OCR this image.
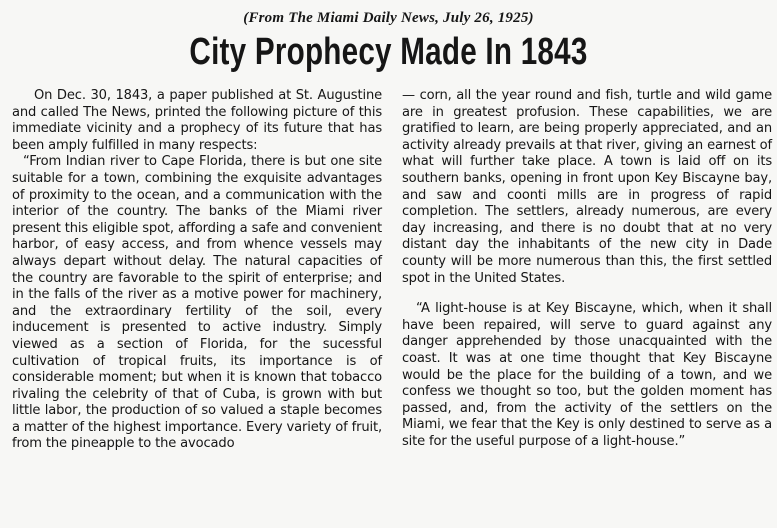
(From The Miami Daily News, July 26, 1925)

City Prophecy Made In 1843

On Dec. 30, 1843, a paper published at St. Augustine and called The News, printed the following picture of this immediate vicinity and a prophecy of its future that has been amply fulfilled in many respects:

“From Indian river to Cape Florida, there is but one site suitable for a town, combining the exquisite advantages of proximity to the ocean, and a communication with the interior of the country. The banks of the Miami river present this eligible spot, affording a safe and convenient harbor, of easy access, and from whence vessels may always depart without delay. The natural capacities of the country are favorable to the spirit of enterprise; and in the falls of the river as a motive power for machinery, and the extraordinary fertility of the soil, every inducement is presented to active industry. Simply viewed as a section of Florida, for the sucessful cultivation of tropical fruits, its importance is of considerable moment; but when it is known that tobacco rivaling the celebrity of that of Cuba, is grown with but little labor, the production of so valued a staple becomes a matter of the highest importance. Every variety of fruit, from the pineapple to the avocado

— corn, all the year round and fish, turtle and wild game are in greatest profusion. These capabilities, we are gratified to learn, are being properly appreciated, and an activity already prevails at that river, giving an earnest of what will further take place. A town is laid off on its southern banks, opening in front upon Key Biscayne bay, and saw and coonti mills are in progress of rapid completion. The settlers, already numerous, are every day increasing, and there is no doubt that at no very distant day the inhabitants of the new city in Dade county will be more numerous than this, the first settled spot in the United States.

“A light-house is at Key Biscayne, which, when it shall have been repaired, will serve to guard against any danger apprehended by those unacquainted with the coast. It was at one time thought that Key Biscayne would be the place for the building of a town, and we confess we thought so too, but the golden moment has passed, and, from the activity of the settlers on the Miami, we fear that the Key is only destined to serve as a site for the useful purpose of a light-house.”
